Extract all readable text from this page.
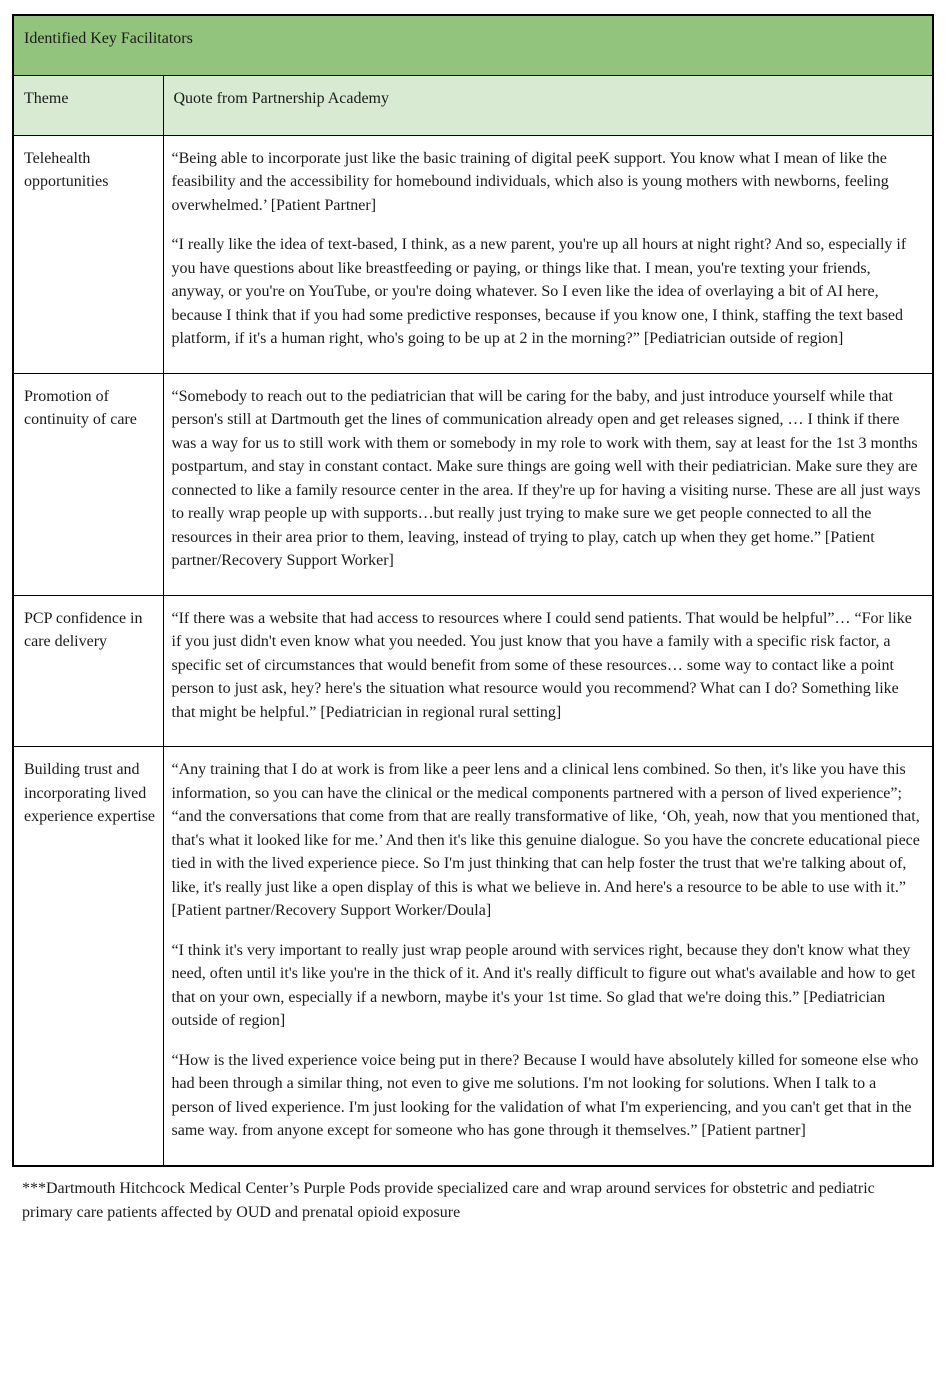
Identified Key Facilitators	
Theme	Quote from Partnership Academy
Telehealth opportunities	“Being able to incorporate just like the basic training of digital peeK support. You know what I mean of like the feasibility and the accessibility for homebound individuals, which also is young mothers with newborns, feeling overwhelmed.’ [Patient Partner]

“I really like the idea of text-based, I think, as a new parent, you're up all hours at night right? And so, especially if you have questions about like breastfeeding or paying, or things like that. I mean, you're texting your friends, anyway, or you're on YouTube, or you're doing whatever. So I even like the idea of overlaying a bit of AI here, because I think that if you had some predictive responses, because if you know one, I think, staffing the text based platform, if it's a human right, who's going to be up at 2 in the morning?” [Pediatrician outside of region]

Promotion of continuity of care	“Somebody to reach out to the pediatrician that will be caring for the baby, and just introduce yourself while that person's still at Dartmouth get the lines of communication already open and get releases signed, … I think if there was a way for us to still work with them or somebody in my role to work with them, say at least for the 1st 3 months postpartum, and stay in constant contact. Make sure things are going well with their pediatrician. Make sure they are connected to like a family resource center in the area. If they're up for having a visiting nurse. These are all just ways to really wrap people up with supports…but really just trying to make sure we get people connected to all the resources in their area prior to them, leaving, instead of trying to play, catch up when they get home.” [Patient partner/Recovery Support Worker]

PCP confidence in care delivery	“If there was a website that had access to resources where I could send patients. That would be helpful”… “For like if you just didn't even know what you needed. You just know that you have a family with a specific risk factor, a specific set of circumstances that would benefit from some of these resources… some way to contact like a point person to just ask, hey? here's the situation what resource would you recommend? What can I do? Something like that might be helpful.” [Pediatrician in regional rural setting]

Building trust and incorporating lived experience expertise	“Any training that I do at work is from like a peer lens and a clinical lens combined. So then, it's like you have this information, so you can have the clinical or the medical components partnered with a person of lived experience”; “and the conversations that come from that are really transformative of like, ‘Oh, yeah, now that you mentioned that, that's what it looked like for me.’ And then it's like this genuine dialogue. So you have the concrete educational piece tied in with the lived experience piece. So I'm just thinking that can help foster the trust that we're talking about of, like, it's really just like a open display of this is what we believe in. And here's a resource to be able to use with it.” [Patient partner/Recovery Support Worker/Doula]

“I think it's very important to really just wrap people around with services right, because they don't know what they need, often until it's like you're in the thick of it. And it's really difficult to figure out what's available and how to get that on your own, especially if a newborn, maybe it's your 1st time. So glad that we're doing this.” [Pediatrician outside of region]

“How is the lived experience voice being put in there? Because I would have absolutely killed for someone else who had been through a similar thing, not even to give me solutions. I'm not looking for solutions. When I talk to a person of lived experience. I'm just looking for the validation of what I'm experiencing, and you can't get that in the same way. from anyone except for someone who has gone through it themselves.” [Patient partner]

***Dartmouth Hitchcock Medical Center’s Purple Pods provide specialized care and wrap around services for obstetric and pediatric primary care patients affected by OUD and prenatal opioid exposure
